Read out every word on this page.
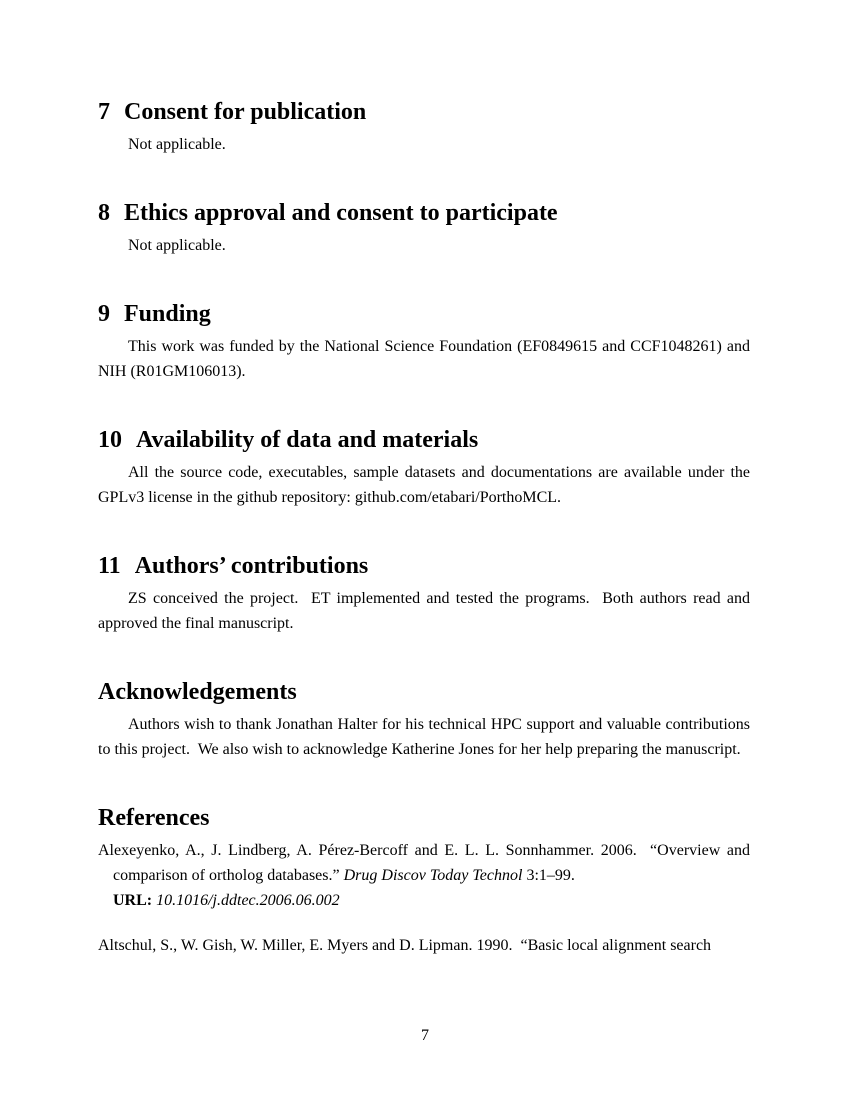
7 Consent for publication

Not applicable.

8 Ethics approval and consent to participate

Not applicable.

9 Funding

This work was funded by the National Science Foundation (EF0849615 and CCF1048261) and NIH (R01GM106013).

10 Availability of data and materials

All the source code, executables, sample datasets and documentations are available under the GPLv3 license in the github repository: github.com/etabari/PorthoMCL.

11 Authors’ contributions

ZS conceived the project.  ET implemented and tested the programs.  Both authors read and approved the final manuscript.

Acknowledgements

Authors wish to thank Jonathan Halter for his technical HPC support and valuable contributions to this project.  We also wish to acknowledge Katherine Jones for her help preparing the manuscript.

References
Alexeyenko, A., J. Lindberg, A. Pérez-Bercoff and E. L. L. Sonnhammer. 2006.  “Overview and comparison of ortholog databases.” Drug Discov Today Technol 3:1–99.
URL: 10.1016/j.ddtec.2006.06.002
Altschul, S., W. Gish, W. Miller, E. Myers and D. Lipman. 1990.  “Basic local alignment search
7
